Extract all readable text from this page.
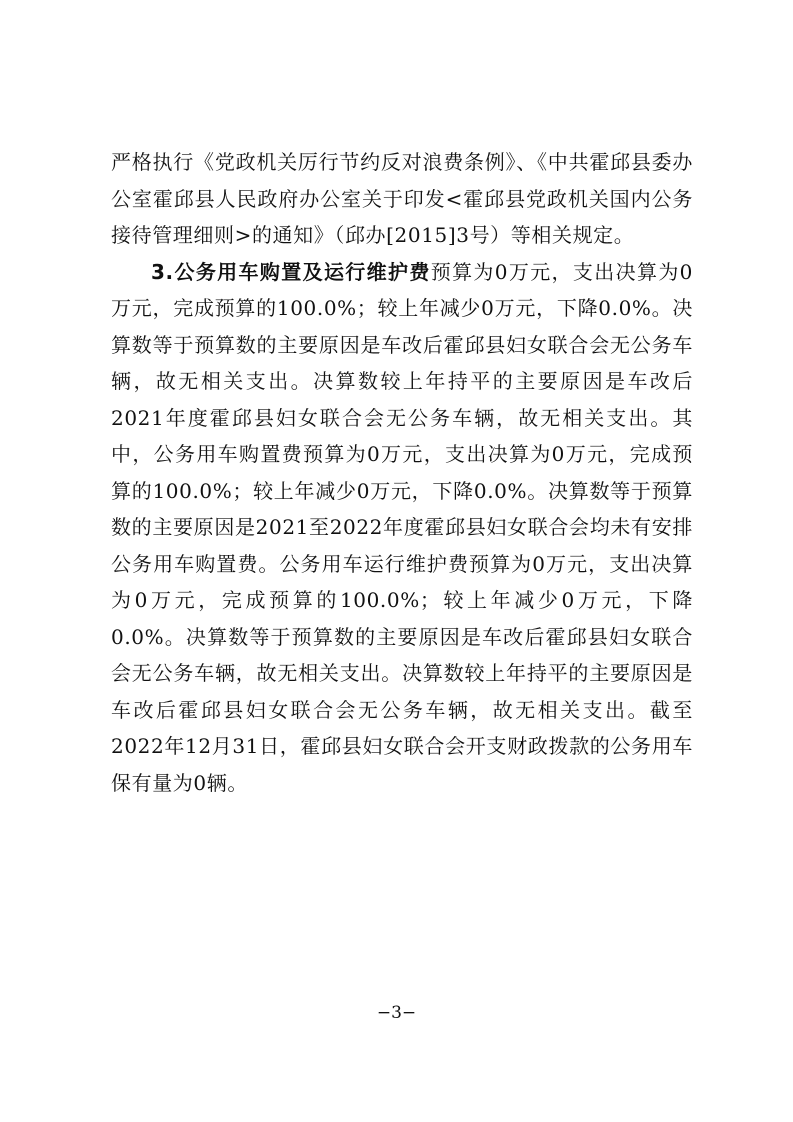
严格执行《党政机关厉行节约反对浪费条例》、《中共霍邱县委办公室霍邱县人民政府办公室关于印发<霍邱县党政机关国内公务接待管理细则>的通知》（邱办[2015]3号）等相关规定。

3.公务用车购置及运行维护费预算为0万元，支出决算为0万元，完成预算的100.0%；较上年减少0万元，下降0.0%。决算数等于预算数的主要原因是车改后霍邱县妇女联合会无公务车辆，故无相关支出。决算数较上年持平的主要原因是车改后2021年度霍邱县妇女联合会无公务车辆，故无相关支出。其中，公务用车购置费预算为0万元，支出决算为0万元，完成预算的100.0%；较上年减少0万元，下降0.0%。决算数等于预算数的主要原因是2021至2022年度霍邱县妇女联合会均未有安排公务用车购置费。公务用车运行维护费预算为0万元，支出决算为0万元，完成预算的100.0%；较上年减少0万元，下降0.0%。决算数等于预算数的主要原因是车改后霍邱县妇女联合会无公务车辆，故无相关支出。决算数较上年持平的主要原因是车改后霍邱县妇女联合会无公务车辆，故无相关支出。截至2022年12月31日，霍邱县妇女联合会开支财政拨款的公务用车保有量为0辆。

−3−
